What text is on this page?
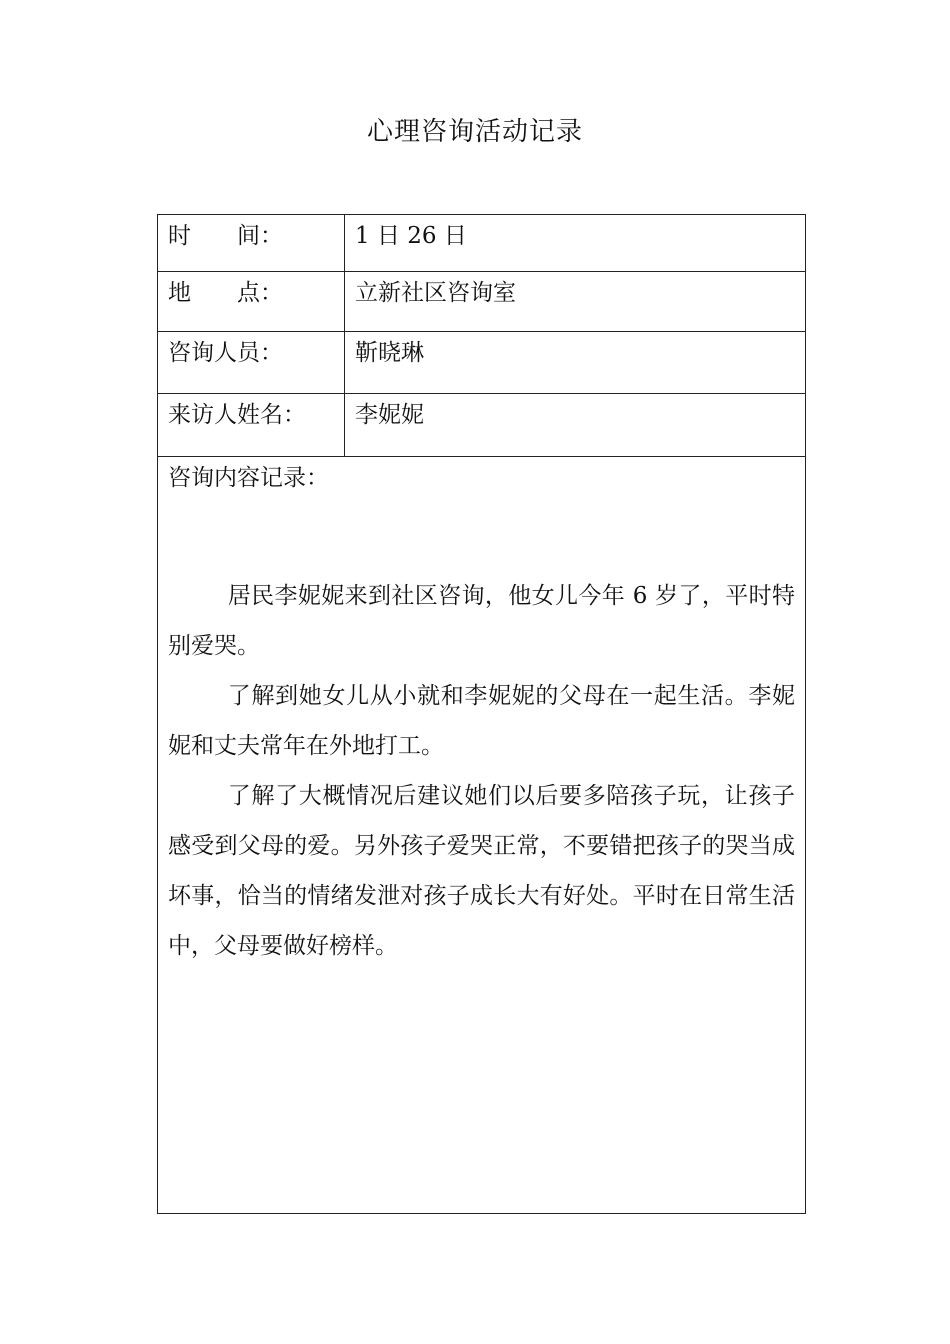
心理咨询活动记录
时　　间：	1 日 26 日
地　　点：	立新社区咨询室
咨询人员：	靳晓琳
来访人姓名：	李妮妮
咨询内容记录：

居民李妮妮来到社区咨询，他女儿今年 6 岁了，平时特别爱哭。

了解到她女儿从小就和李妮妮的父母在一起生活。李妮妮和丈夫常年在外地打工。

了解了大概情况后建议她们以后要多陪孩子玩，让孩子感受到父母的爱。另外孩子爱哭正常，不要错把孩子的哭当成坏事，恰当的情绪发泄对孩子成长大有好处。平时在日常生活中，父母要做好榜样。
